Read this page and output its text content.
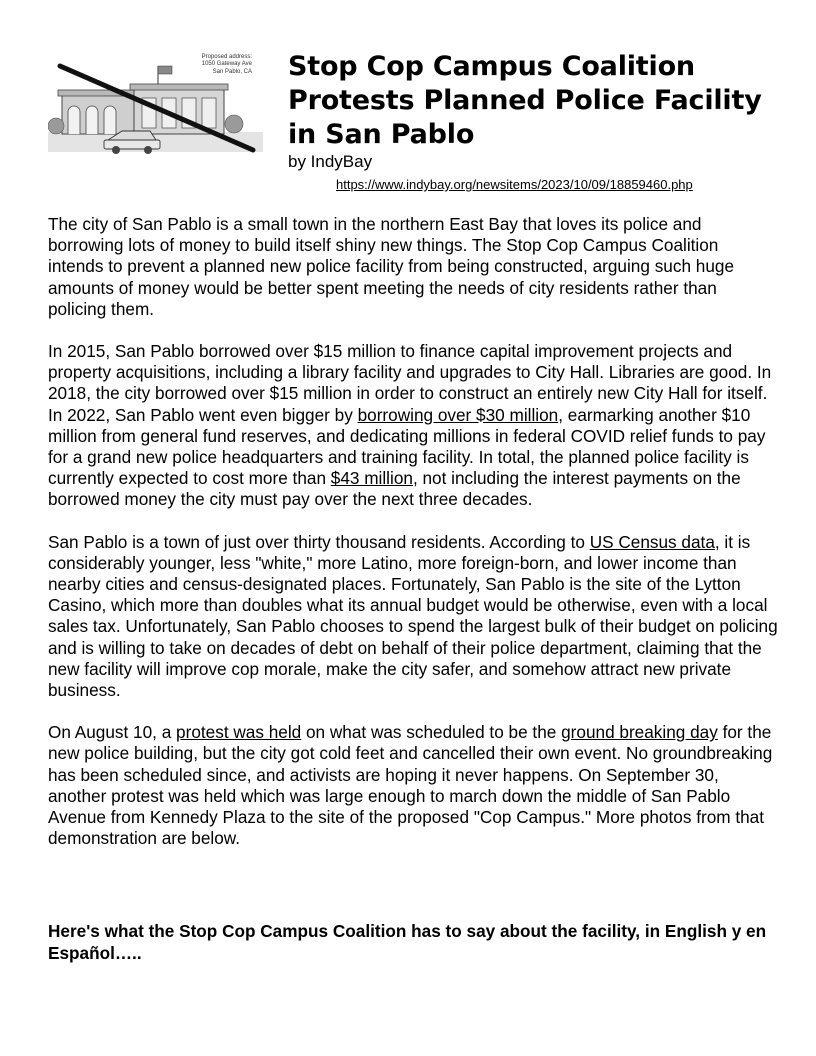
Proposed address:
1050 Gateway Ave
San Pablo, CA Stop Cop Campus Coalition Protests Planned Police Facility in San Pablo
by IndyBay
https://www.indybay.org/newsitems/2023/10/09/18859460.php

The city of San Pablo is a small town in the northern East Bay that loves its police and borrowing lots of money to build itself shiny new things. The Stop Cop Campus Coalition intends to prevent a planned new police facility from being constructed, arguing such huge amounts of money would be better spent meeting the needs of city residents rather than policing them.

In 2015, San Pablo borrowed over $15 million to finance capital improvement projects and property acquisitions, including a library facility and upgrades to City Hall. Libraries are good. In 2018, the city borrowed over $15 million in order to construct an entirely new City Hall for itself. In 2022, San Pablo went even bigger by borrowing over $30 million, earmarking another $10 million from general fund reserves, and dedicating millions in federal COVID relief funds to pay for a grand new police headquarters and training facility. In total, the planned police facility is currently expected to cost more than $43 million, not including the interest payments on the borrowed money the city must pay over the next three decades.

San Pablo is a town of just over thirty thousand residents. According to US Census data, it is considerably younger, less "white," more Latino, more foreign-born, and lower income than nearby cities and census-designated places. Fortunately, San Pablo is the site of the Lytton Casino, which more than doubles what its annual budget would be otherwise, even with a local sales tax. Unfortunately, San Pablo chooses to spend the largest bulk of their budget on policing and is willing to take on decades of debt on behalf of their police department, claiming that the new facility will improve cop morale, make the city safer, and somehow attract new private business.

On August 10, a protest was held on what was scheduled to be the ground breaking day for the new police building, but the city got cold feet and cancelled their own event. No groundbreaking has been scheduled since, and activists are hoping it never happens. On September 30, another protest was held which was large enough to march down the middle of San Pablo Avenue from Kennedy Plaza to the site of the proposed "Cop Campus." More photos from that demonstration are below.

Here's what the Stop Cop Campus Coalition has to say about the facility, in English y en Español…..
